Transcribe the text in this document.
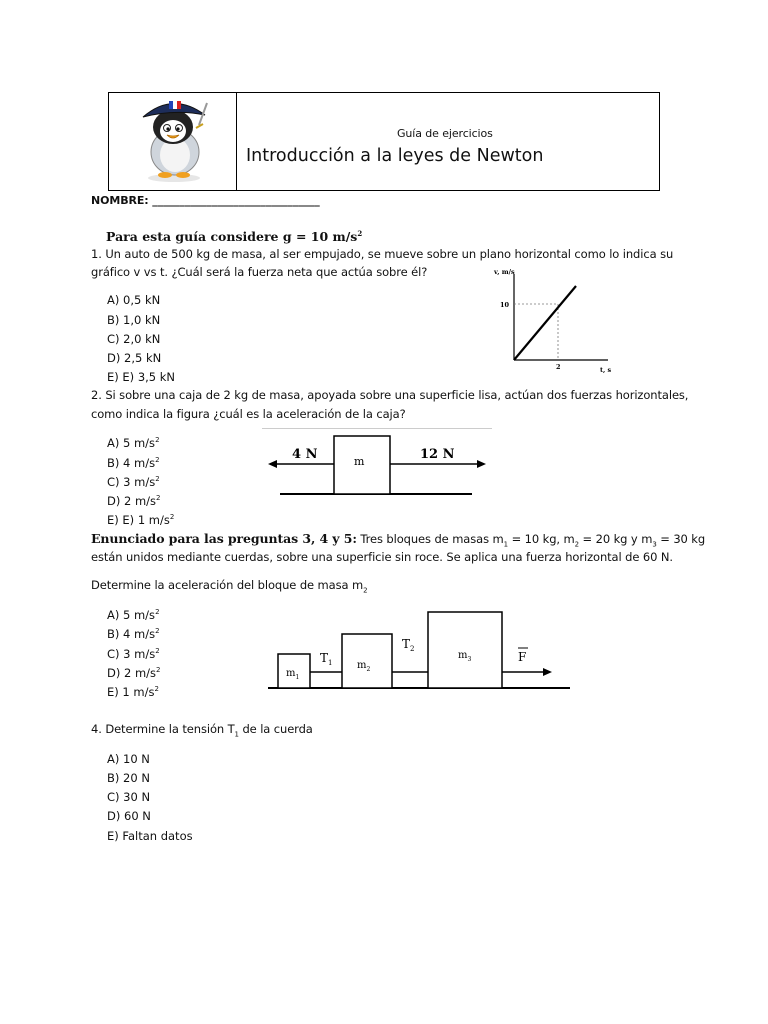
Guía de ejercicios
Introducción a la leyes de Newton
NOMBRE: _______________________________
Para esta guía considere g = 10 $m/s^2$
1. Un auto de 500 kg de masa, al ser empujado, se mueve sobre un plano horizontal como lo indica su
gráfico v vs t. ¿Cuál será la fuerza neta que actúa sobre él?
A) 0,5 kN
B) 1,0 kN
C) 2,0 kN
D) 2,5 kN
E) E) 3,5 kN
v, m/s
10
2	t, s
2. Si sobre una caja de 2 kg de masa, apoyada sobre una superficie lisa, actúan dos fuerzas horizontales,
como indica la figura ¿cuál es la aceleración de la caja?
A) 5 $m/s^2$
B) 4 $m/s^2$
C) 3 $m/s^2$
D) 2 $m/s^2$
E) E) 1 $m/s^2$
4 N	12 N
m
Enunciado para las preguntas 3, 4 y 5: Tres bloques de masas $m_1 = 10$ kg, $m_2 = 20$ kg y $m_3 = 30$ kg
están unidos mediante cuerdas, sobre una superficie sin roce. Se aplica una fuerza horizontal de 60 N.
Determine la aceleración del bloque de masa $m_2$
A) 5 $m/s^2$
B) 4 $m/s^2$
C) 3 $m/s^2$
D) 2 $m/s^2$
E) 1 $m/s^2$
$m_1$
$m_2$
$m_3$
$T_1$
$T_2$
F
4. Determine la tensión $T_1$ de la cuerda
A) 10 N
B) 20 N
C) 30 N
D) 60 N
E) Faltan datos
